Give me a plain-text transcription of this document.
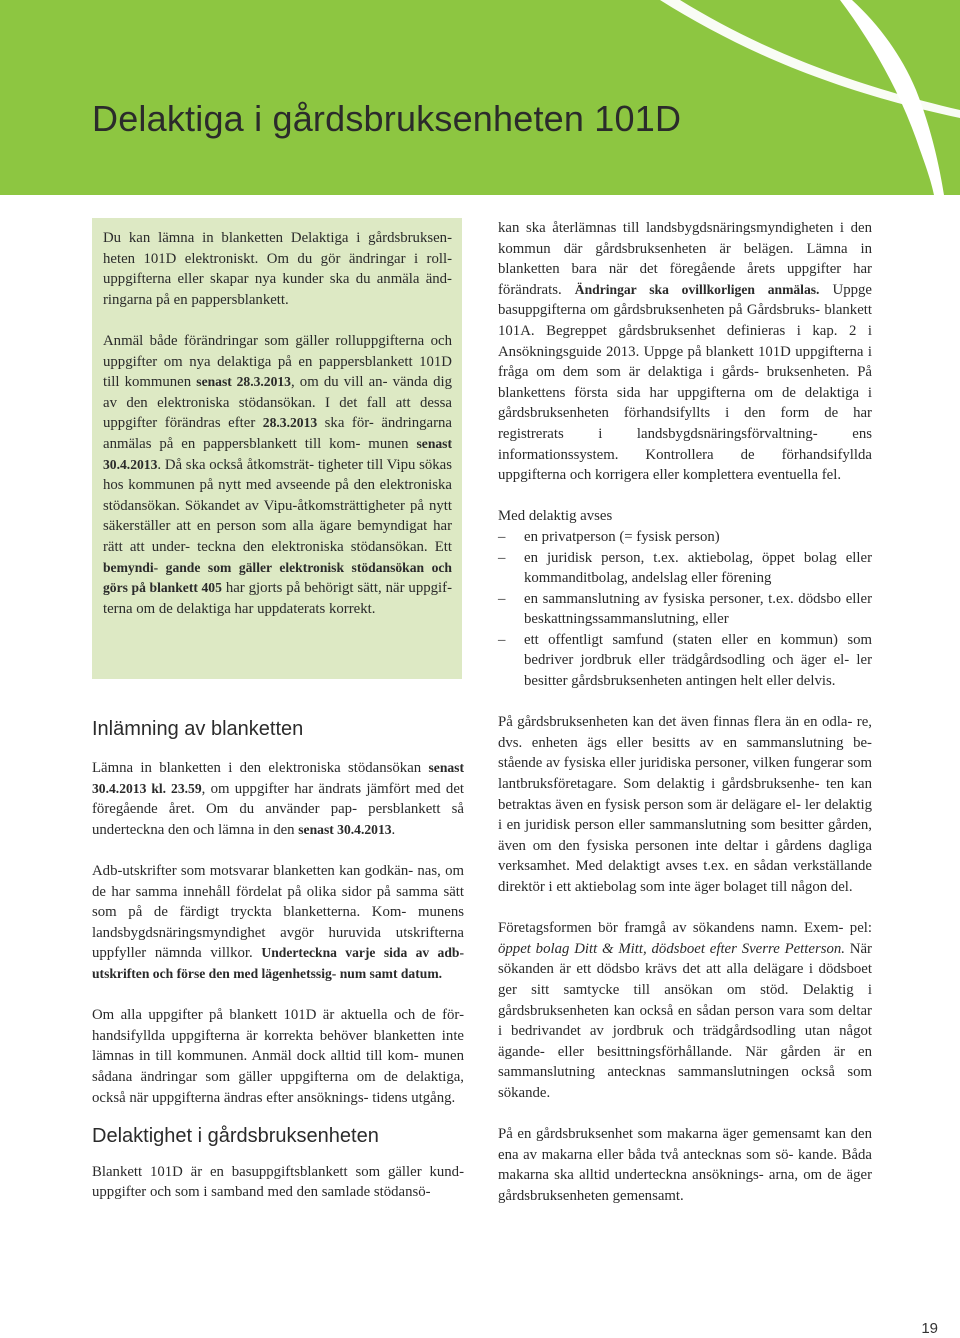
Delaktiga i gårdsbruksenheten 101D

Du kan lämna in blanketten Delaktiga i gårdsbruksen- heten 101D elektroniskt. Om du gör ändringar i roll- uppgifterna eller skapar nya kunder ska du anmäla änd- ringarna på en pappersblankett.

Anmäl både förändringar som gäller rolluppgifterna och uppgifter om nya delaktiga på en pappersblankett 101D till kommunen senast 28.3.2013, om du vill an- vända dig av den elektroniska stödansökan. I det fall att dessa uppgifter förändras efter 28.3.2013 ska för- ändringarna anmälas på en pappersblankett till kom- munen senast 30.4.2013. Då ska också åtkomsträt- tigheter till Vipu sökas hos kommunen på nytt med avseende på den elektroniska stödansökan. Sökandet av Vipu-åtkomsträttigheter på nytt säkerställer att en person som alla ägare bemyndigat har rätt att under- teckna den elektroniska stödansökan. Ett bemyndi- gande som gäller elektronisk stödansökan och görs på blankett 405 har gjorts på behörigt sätt, när uppgif- terna om de delaktiga har uppdaterats korrekt.

Inlämning av blanketten

Lämna in blanketten i den elektroniska stödansökan senast 30.4.2013 kl. 23.59, om uppgifter har ändrats jämfört med det föregående året. Om du använder pap- persblankett så underteckna den och lämna in den senast 30.4.2013.

Adb-utskrifter som motsvarar blanketten kan godkän- nas, om de har samma innehåll fördelat på olika sidor på samma sätt som på de färdigt tryckta blanketterna. Kom- munens landsbygdsnäringsmyndighet avgör huruvida utskrifterna uppfyller nämnda villkor. Underteckna varje sida av adb-utskriften och förse den med lägenhetssig- num samt datum.

Om alla uppgifter på blankett 101D är aktuella och de för- handsifyllda uppgifterna är korrekta behöver blanketten inte lämnas in till kommunen. Anmäl dock alltid till kom- munen sådana ändringar som gäller uppgifterna om de delaktiga, också när uppgifterna ändras efter ansöknings- tidens utgång.

Delaktighet i gårdsbruksenheten

Blankett 101D är en basuppgiftsblankett som gäller kund- uppgifter och som i samband med den samlade stödansö-

kan ska återlämnas till landsbygdsnäringsmyndigheten i den kommun där gårdsbruksenheten är belägen. Lämna in blanketten bara när det föregående årets uppgifter har förändrats. Ändringar ska ovillkorligen anmälas. Uppge basuppgifterna om gårdsbruksenheten på Gårdsbruks- blankett 101A. Begreppet gårdsbruksenhet definieras i kap. 2 i Ansökningsguide 2013. Uppge på blankett 101D uppgifterna i fråga om dem som är delaktiga i gårds- bruksenheten. På blankettens första sida har uppgifterna om de delaktiga i gårdsbruksenheten förhandsifyllts i den form de har registrerats i landsbygdsnäringsförvaltning- ens informationssystem. Kontrollera de förhandsifyllda uppgifterna och korrigera eller komplettera eventuella fel.

Med delaktig avses

– en privatperson (= fysisk person)
– en juridisk person, t.ex. aktiebolag, öppet bolag eller kommanditbolag, andelslag eller förening
– en sammanslutning av fysiska personer, t.ex. dödsbo eller beskattningssammanslutning, eller
– ett offentligt samfund (staten eller en kommun) som bedriver jordbruk eller trädgårdsodling och äger el- ler besitter gårdsbruksenheten antingen helt eller delvis.

På gårdsbruksenheten kan det även finnas flera än en odla- re, dvs. enheten ägs eller besitts av en sammanslutning be- stående av fysiska eller juridiska personer, vilken fungerar som lantbruksföretagare. Som delaktig i gårdsbruksenhe- ten kan betraktas även en fysisk person som är delägare el- ler delaktig i en juridisk person eller sammanslutning som besitter gården, även om den fysiska personen inte deltar i gårdens dagliga verksamhet. Med delaktigt avses t.ex. en sådan verkställande direktör i ett aktiebolag som inte äger bolaget till någon del.

Företagsformen bör framgå av sökandens namn. Exem- pel: öppet bolag Ditt & Mitt, dödsboet efter Sverre Petterson. När sökanden är ett dödsbo krävs det att alla delägare i dödsboet ger sitt samtycke till ansökan om stöd. Delaktig i gårdsbruksenheten kan också en sådan person vara som deltar i bedrivandet av jordbruk och trädgårdsodling utan något ägande- eller besittningsförhållande. När gården är en sammanslutning antecknas sammanslutningen också som sökande.

På en gårdsbruksenhet som makarna äger gemensamt kan den ena av makarna eller båda två antecknas som sö- kande. Båda makarna ska alltid underteckna ansöknings- arna, om de äger gårdsbruksenheten gemensamt.

19
